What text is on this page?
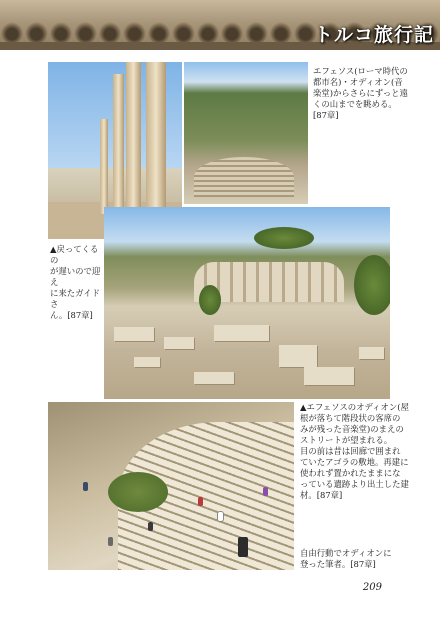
トルコ旅行記
エフェソス(ローマ時代の
都市名)・オディオン(音
楽堂)からさらにずっと遠
くの山までを眺める。
[87章]
▲戻ってくるの
が遅いので迎え
に来たガイドさ
ん。[87章]
▲エフェソスのオディオン(屋
根が落ちて階段状の客席の
みが残った音楽堂)のまえの
ストリートが望まれる。
目の前は昔は回廊で囲まれ
ていたアゴラの敷地。再建に
使われず置かれたままにな
っている遺跡より出土した建
材。[87章]
自由行動でオディオンに
登った筆者。[87章]
209
